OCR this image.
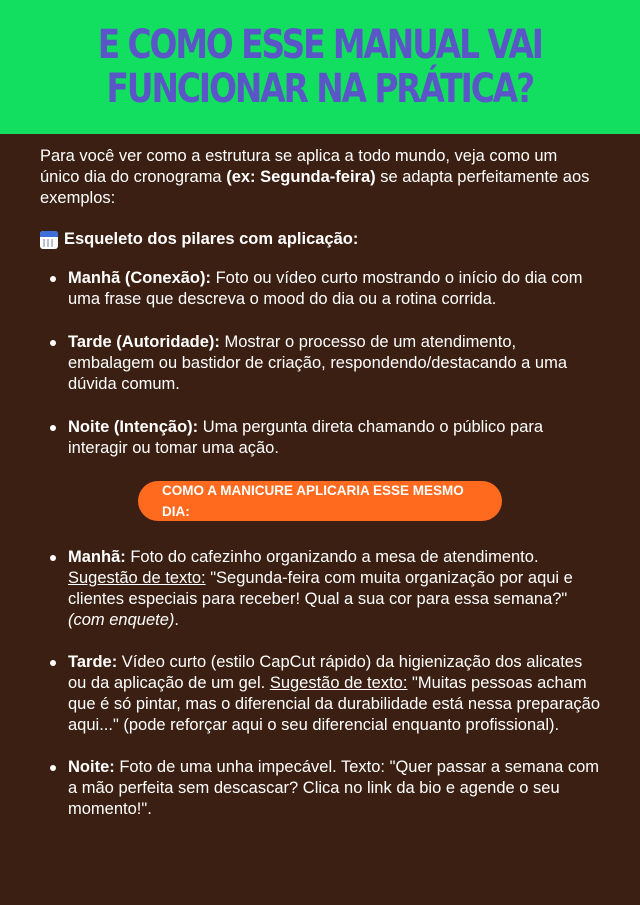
E COMO ESSE MANUAL VAI
FUNCIONAR NA PRÁTICA?

Para você ver como a estrutura se aplica a todo mundo, veja como um único dia do cronograma (ex: Segunda-feira) se adapta perfeitamente aos exemplos:

Esqueleto dos pilares com aplicação:
Manhã (Conexão): Foto ou vídeo curto mostrando o início do dia com uma frase que descreva o mood do dia ou a rotina corrida.
Tarde (Autoridade): Mostrar o processo de um atendimento, embalagem ou bastidor de criação, respondendo/destacando a uma dúvida comum.
Noite (Intenção): Uma pergunta direta chamando o público para interagir ou tomar uma ação.
COMO A MANICURE APLICARIA ESSE MESMO DIA:
Manhã: Foto do cafezinho organizando a mesa de atendimento. Sugestão de texto: "Segunda-feira com muita organização por aqui e clientes especiais para receber! Qual a sua cor para essa semana?" (com enquete).
Tarde: Vídeo curto (estilo CapCut rápido) da higienização dos alicates ou da aplicação de um gel. Sugestão de texto: "Muitas pessoas acham que é só pintar, mas o diferencial da durabilidade está nessa preparação aqui..." (pode reforçar aqui o seu diferencial enquanto profissional).
Noite: Foto de uma unha impecável. Texto: "Quer passar a semana com a mão perfeita sem descascar? Clica no link da bio e agende o seu momento!".
